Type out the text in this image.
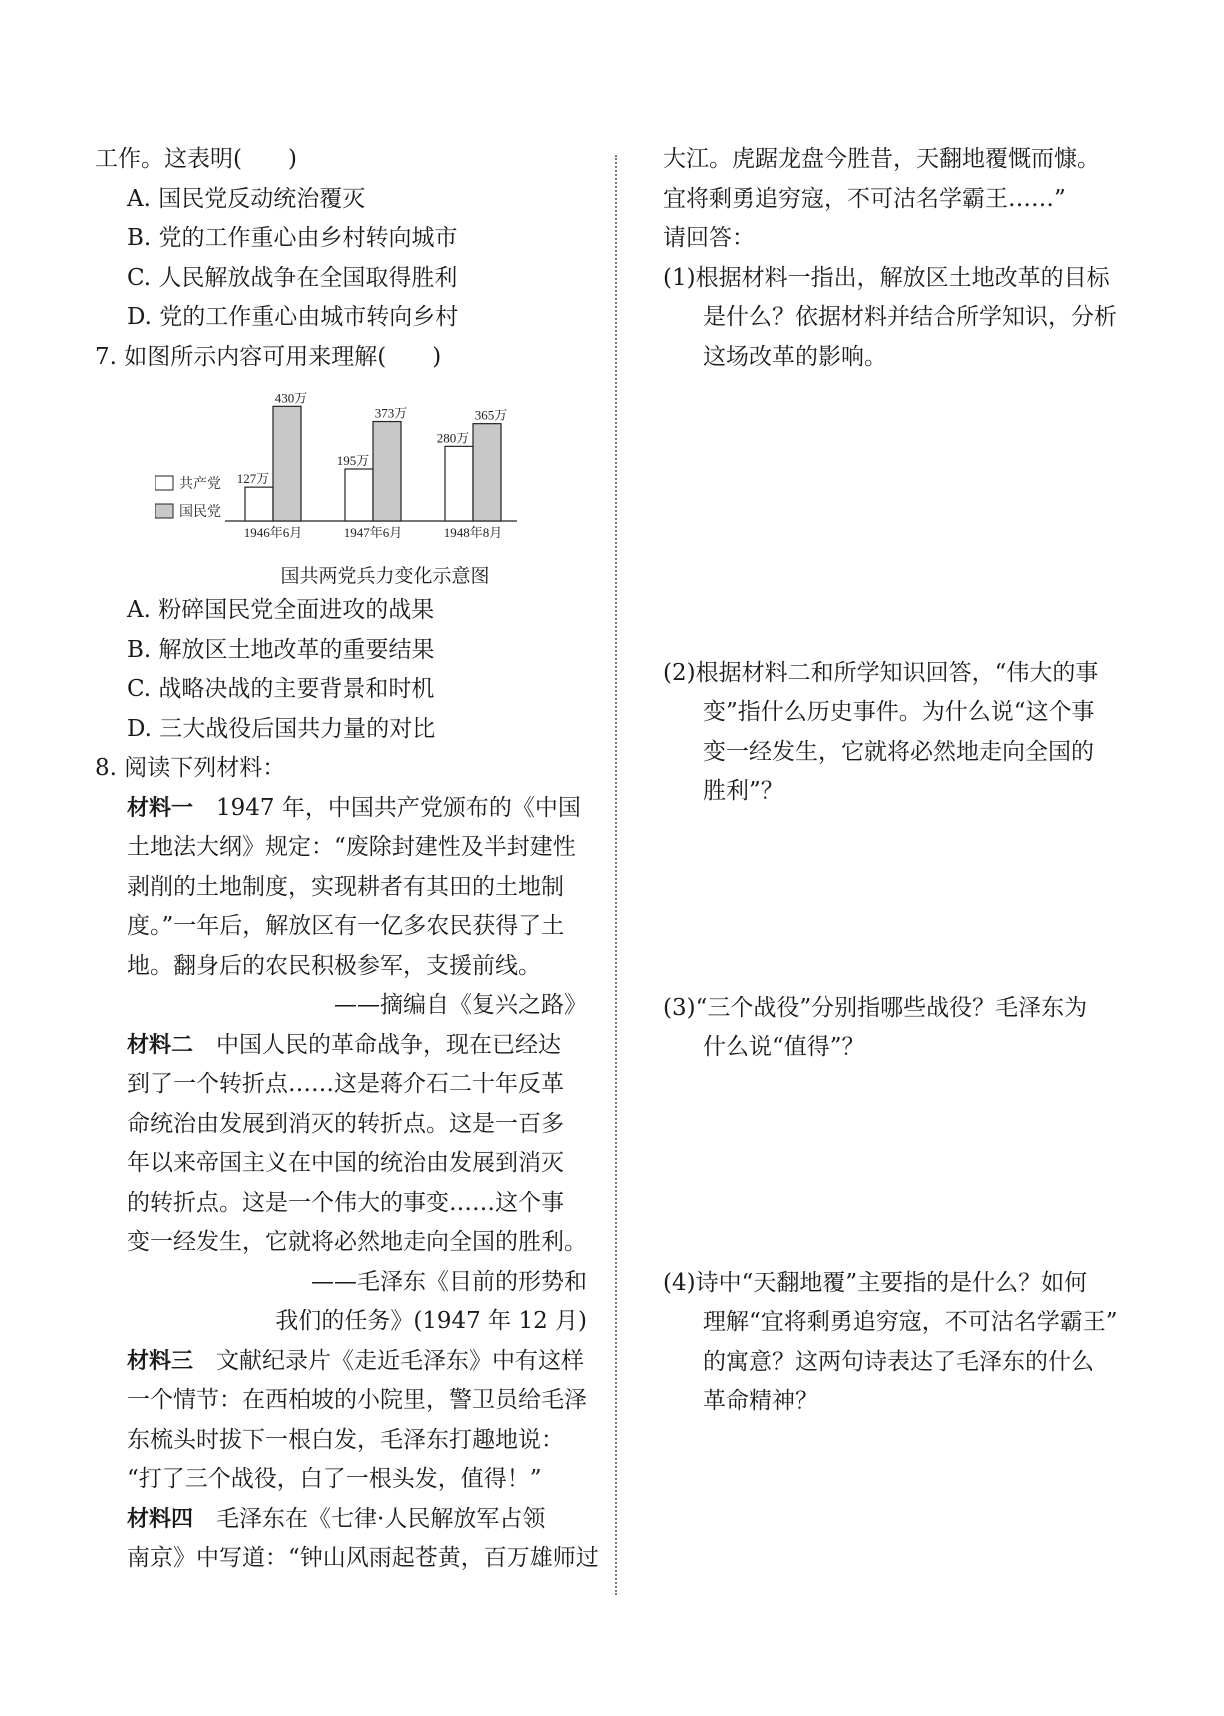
工作。这表明(　　)
A. 国民党反动统治覆灭
B. 党的工作重心由乡村转向城市
C. 人民解放战争在全国取得胜利
D. 党的工作重心由城市转向乡村
7. 如图所示内容可用来理解(　　)
127万
430万
1946年6月
195万
373万
1947年6月
280万
365万
1948年8月
共产党
国民党
国共两党兵力变化示意图
A. 粉碎国民党全面进攻的战果
B. 解放区土地改革的重要结果
C. 战略决战的主要背景和时机
D. 三大战役后国共力量的对比
8. 阅读下列材料：
材料一　1947 年，中国共产党颁布的《中国
土地法大纲》规定：“废除封建性及半封建性
剥削的土地制度，实现耕者有其田的土地制
度。”一年后，解放区有一亿多农民获得了土
地。翻身后的农民积极参军，支援前线。
——摘编自《复兴之路》
材料二　中国人民的革命战争，现在已经达
到了一个转折点……这是蒋介石二十年反革
命统治由发展到消灭的转折点。这是一百多
年以来帝国主义在中国的统治由发展到消灭
的转折点。这是一个伟大的事变……这个事
变一经发生，它就将必然地走向全国的胜利。
——毛泽东《目前的形势和
我们的任务》(1947 年 12 月)
材料三　文献纪录片《走近毛泽东》中有这样
一个情节：在西柏坡的小院里，警卫员给毛泽
东梳头时拔下一根白发，毛泽东打趣地说：
“打了三个战役，白了一根头发，值得！”
材料四　毛泽东在《七律·人民解放军占领
南京》中写道：“钟山风雨起苍黄，百万雄师过
大江。虎踞龙盘今胜昔，天翻地覆慨而慷。
宜将剩勇追穷寇，不可沽名学霸王……”
请回答：
(1)根据材料一指出，解放区土地改革的目标
是什么？依据材料并结合所学知识，分析
这场改革的影响。
(2)根据材料二和所学知识回答，“伟大的事
变”指什么历史事件。为什么说“这个事
变一经发生，它就将必然地走向全国的
胜利”？
(3)“三个战役”分别指哪些战役？毛泽东为
什么说“值得”？
(4)诗中“天翻地覆”主要指的是什么？如何
理解“宜将剩勇追穷寇，不可沽名学霸王”
的寓意？这两句诗表达了毛泽东的什么
革命精神？
